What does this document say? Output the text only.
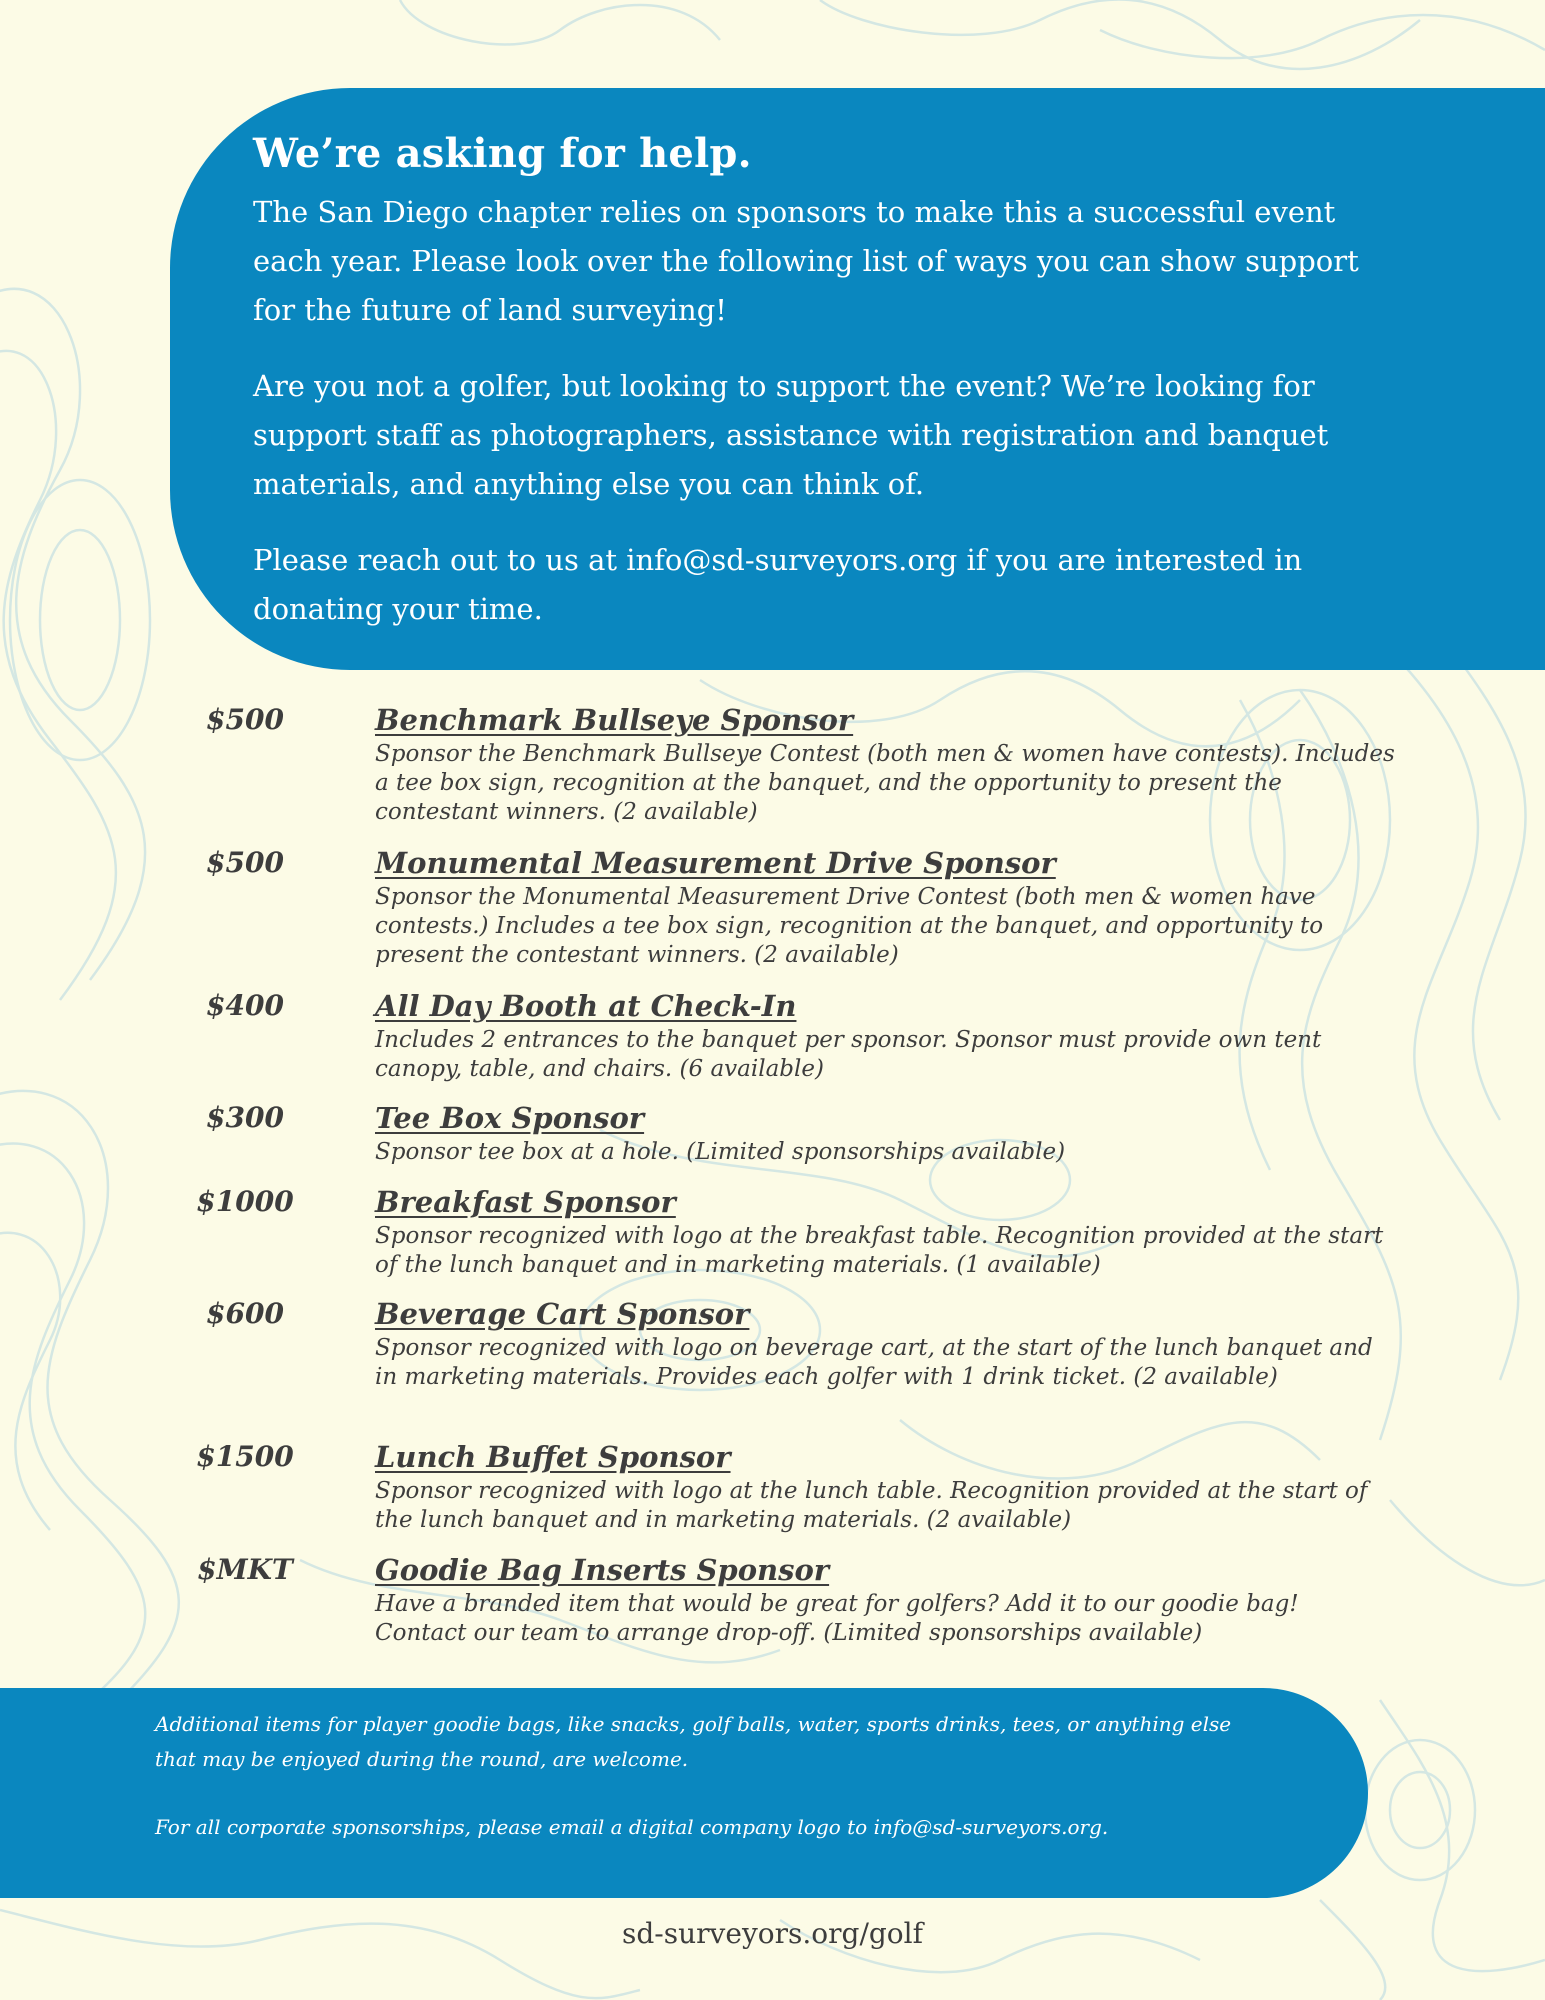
We’re asking for help.

The San Diego chapter relies on sponsors to make this a successful event each year. Please look over the following list of ways you can show support for the future of land surveying!

Are you not a golfer, but looking to support the event? We’re looking for support staff as photographers, assistance with registration and banquet materials, and anything else you can think of.

Please reach out to us at info@sd-surveyors.org if you are interested in donating your time.

$500	Benchmark Bullseye Sponsor
Sponsor the Benchmark Bullseye Contest (both men & women have contests). Includes a tee box sign, recognition at the banquet, and the opportunity to present the contestant winners. (2 available)
$500	Monumental Measurement Drive Sponsor
Sponsor the Monumental Measurement Drive Contest (both men & women have contests.) Includes a tee box sign, recognition at the banquet, and opportunity to present the contestant winners. (2 available)
$400	All Day Booth at Check-In
Includes 2 entrances to the banquet per sponsor. Sponsor must provide own tent canopy, table, and chairs. (6 available)
$300	Tee Box Sponsor
Sponsor tee box at a hole. (Limited sponsorships available)
$1000	Breakfast Sponsor
Sponsor recognized with logo at the breakfast table. Recognition provided at the start of the lunch banquet and in marketing materials. (1 available)
$600	Beverage Cart Sponsor
Sponsor recognized with logo on beverage cart, at the start of the lunch banquet and in marketing materials. Provides each golfer with 1 drink ticket. (2 available)
$1500	Lunch Buffet Sponsor
Sponsor recognized with logo at the lunch table. Recognition provided at the start of the lunch banquet and in marketing materials. (2 available)
$MKT	Goodie Bag Inserts Sponsor
Have a branded item that would be great for golfers? Add it to our goodie bag! Contact our team to arrange drop-off. (Limited sponsorships available)

Additional items for player goodie bags, like snacks, golf balls, water, sports drinks, tees, or anything else that may be enjoyed during the round, are welcome.

For all corporate sponsorships, please email a digital company logo to info@sd-surveyors.org.

sd-surveyors.org/golf
